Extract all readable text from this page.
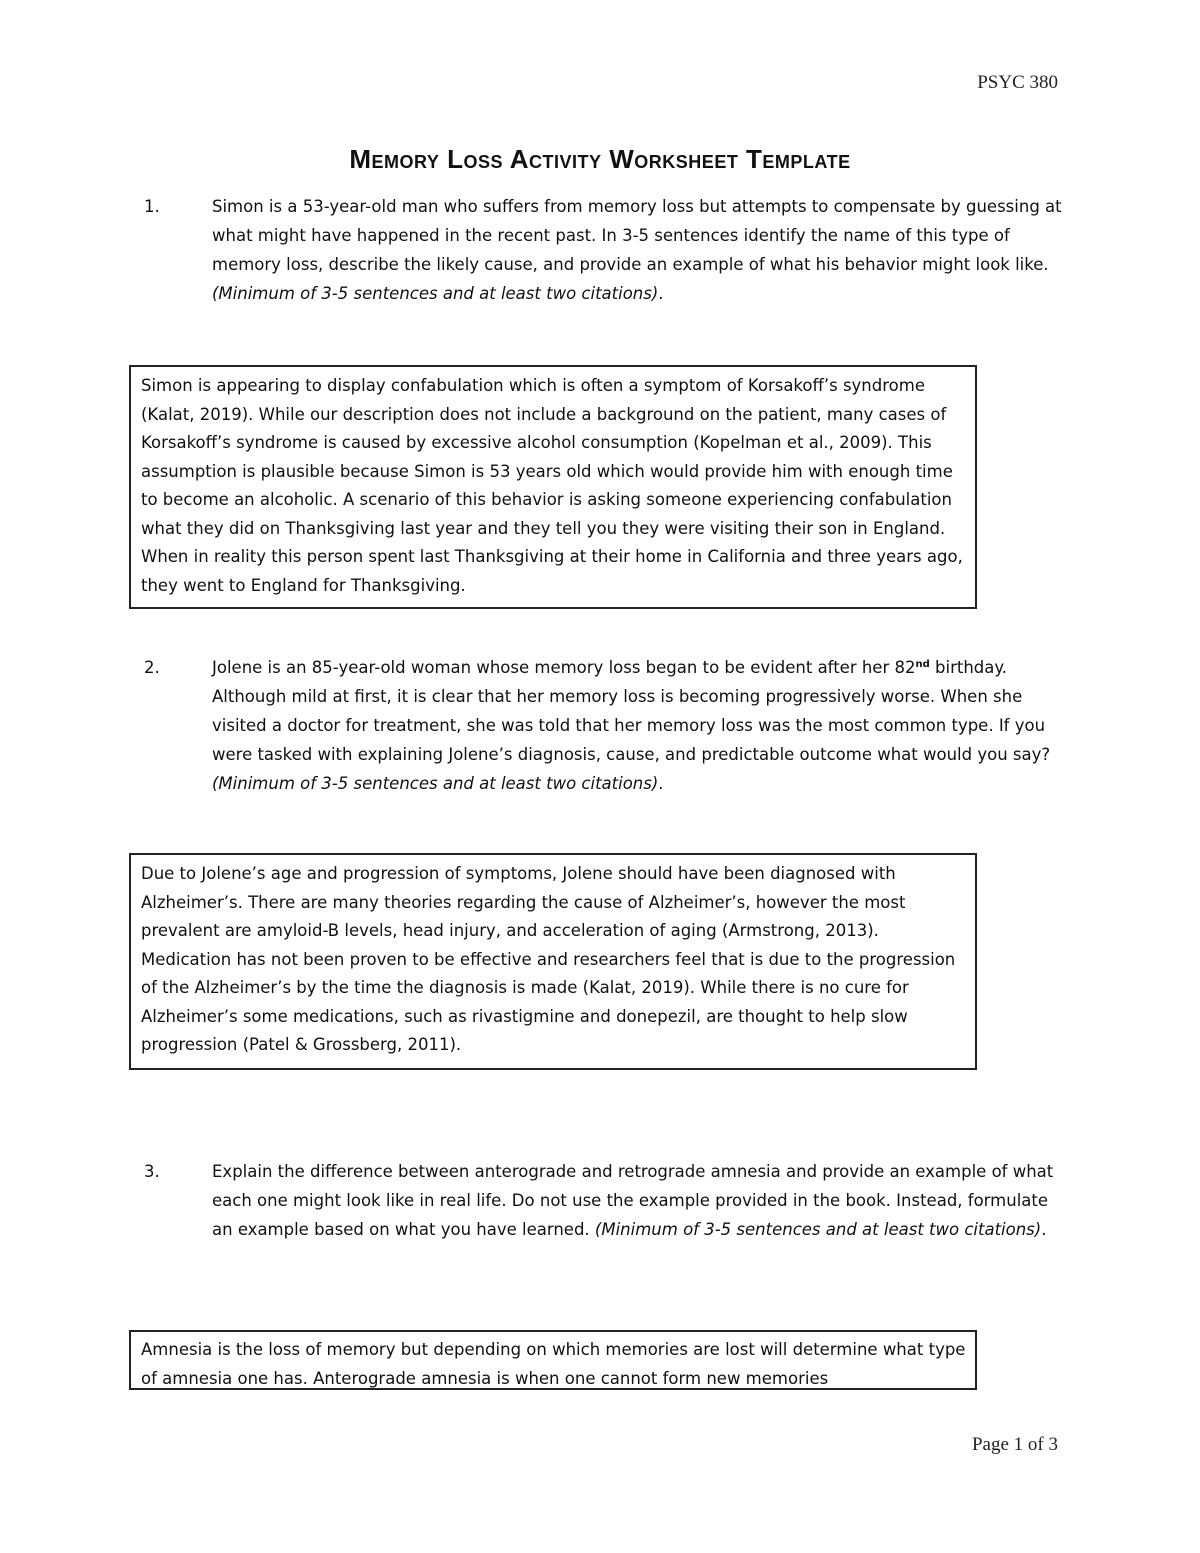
PSYC 380
Memory Loss Activity Worksheet Template
1.	Simon is a 53-year-old man who suffers from memory loss but attempts to compensate by guessing at what might have happened in the recent past. In 3-5 sentences identify the name of this type of memory loss, describe the likely cause, and provide an example of what his behavior might look like. (Minimum of 3-5 sentences and at least two citations).
Simon is appearing to display confabulation which is often a symptom of Korsakoff’s syndrome (Kalat, 2019). While our description does not include a background on the patient, many cases of Korsakoff’s syndrome is caused by excessive alcohol consumption (Kopelman et al., 2009). This assumption is plausible because Simon is 53 years old which would provide him with enough time to become an alcoholic. A scenario of this behavior is asking someone experiencing confabulation what they did on Thanksgiving last year and they tell you they were visiting their son in England. When in reality this person spent last Thanksgiving at their home in California and three years ago, they went to England for Thanksgiving.
2.	Jolene is an 85-year-old woman whose memory loss began to be evident after her 82nd birthday. Although mild at first, it is clear that her memory loss is becoming progressively worse. When she visited a doctor for treatment, she was told that her memory loss was the most common type. If you were tasked with explaining Jolene’s diagnosis, cause, and predictable outcome what would you say? (Minimum of 3-5 sentences and at least two citations).
Due to Jolene’s age and progression of symptoms, Jolene should have been diagnosed with Alzheimer’s. There are many theories regarding the cause of Alzheimer’s, however the most prevalent are amyloid-B levels, head injury, and acceleration of aging (Armstrong, 2013). Medication has not been proven to be effective and researchers feel that is due to the progression of the Alzheimer’s by the time the diagnosis is made (Kalat, 2019). While there is no cure for Alzheimer’s some medications, such as rivastigmine and donepezil, are thought to help slow progression (Patel & Grossberg, 2011).
3.	Explain the difference between anterograde and retrograde amnesia and provide an example of what each one might look like in real life. Do not use the example provided in the book. Instead, formulate an example based on what you have learned. (Minimum of 3-5 sentences and at least two citations).
Amnesia is the loss of memory but depending on which memories are lost will determine what type of amnesia one has. Anterograde amnesia is when one cannot form new memories
Page 1 of 3
